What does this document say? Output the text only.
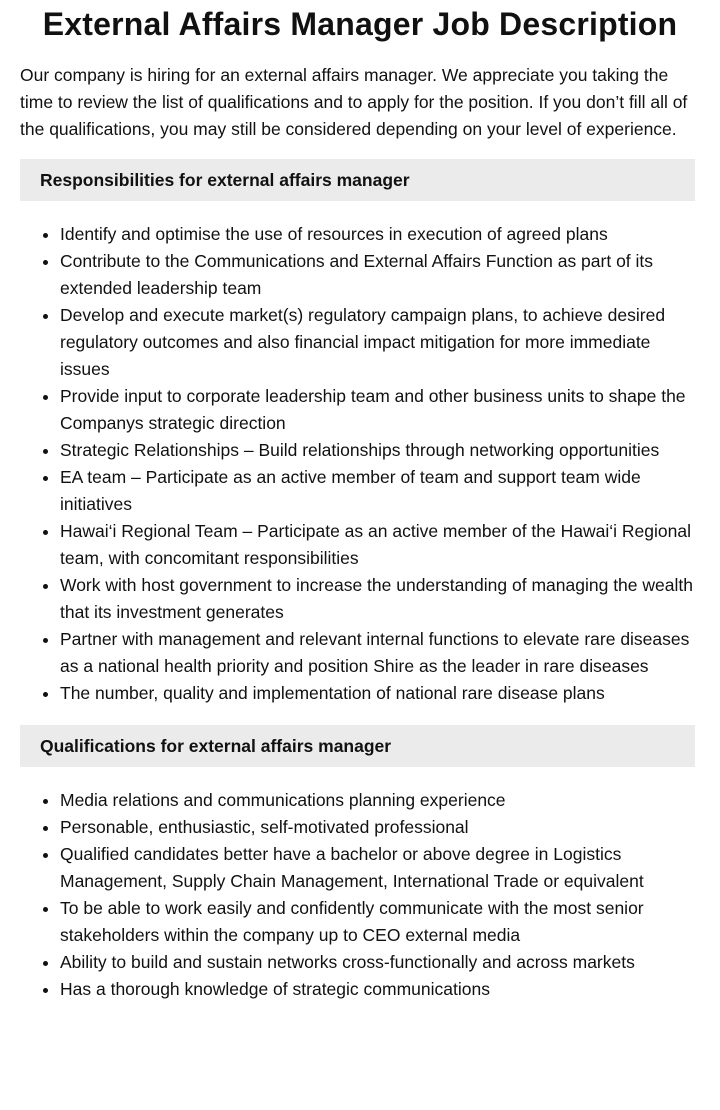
External Affairs Manager Job Description

Our company is hiring for an external affairs manager. We appreciate you taking the time to review the list of qualifications and to apply for the position. If you don’t fill all of the qualifications, you may still be considered depending on your level of experience.

Responsibilities for external affairs manager
• Identify and optimise the use of resources in execution of agreed plans
• Contribute to the Communications and External Affairs Function as part of its extended leadership team
• Develop and execute market(s) regulatory campaign plans, to achieve desired regulatory outcomes and also financial impact mitigation for more immediate issues
• Provide input to corporate leadership team and other business units to shape the Companys strategic direction
• Strategic Relationships – Build relationships through networking opportunities
• EA team – Participate as an active member of team and support team wide initiatives
• Hawai‘i Regional Team – Participate as an active member of the Hawai‘i Regional team, with concomitant responsibilities
• Work with host government to increase the understanding of managing the wealth that its investment generates
• Partner with management and relevant internal functions to elevate rare diseases as a national health priority and position Shire as the leader in rare diseases
• The number, quality and implementation of national rare disease plans
Qualifications for external affairs manager
• Media relations and communications planning experience
• Personable, enthusiastic, self-motivated professional
• Qualified candidates better have a bachelor or above degree in Logistics Management, Supply Chain Management, International Trade or equivalent
• To be able to work easily and confidently communicate with the most senior stakeholders within the company up to CEO external media
• Ability to build and sustain networks cross-functionally and across markets
• Has a thorough knowledge of strategic communications
